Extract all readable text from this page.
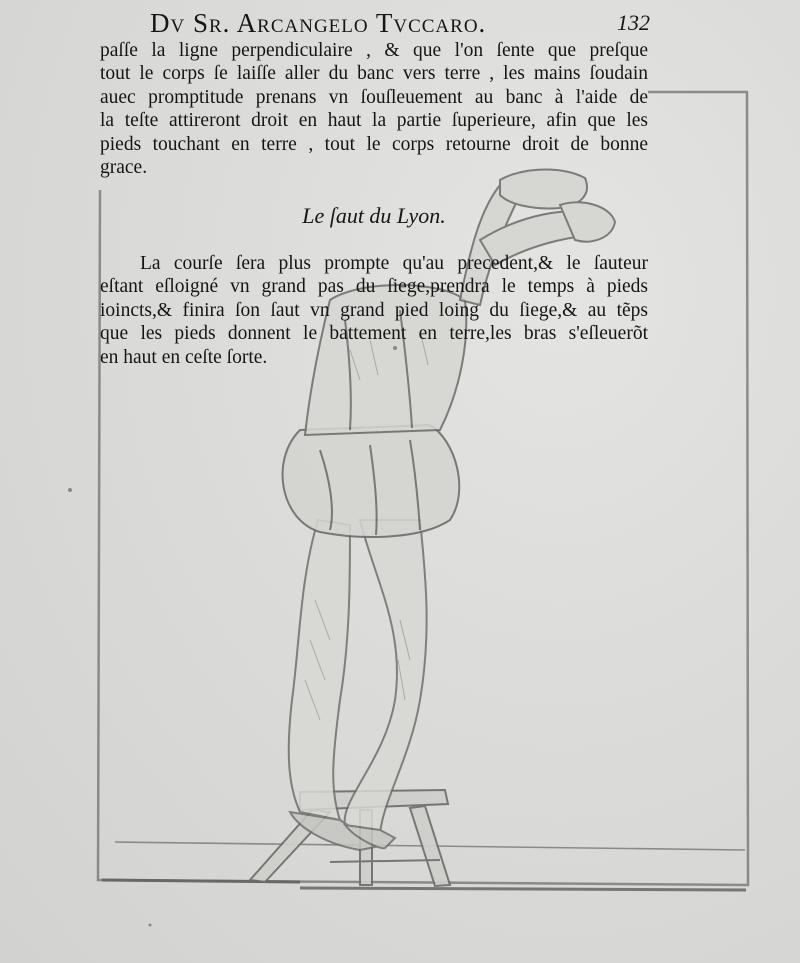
Dv Sr. Arcangelo Tvccaro.	132
paſſe la ligne perpendiculaire , & que l'on ſente que preſque
tout le corps ſe laiſſe aller du banc vers terre , les mains ſoudain
auec promptitude prenans vn ſouſleuement au banc à l'aide de
la teſte attireront droit en haut la partie ſuperieure, afin que les
pieds touchant en terre , tout le corps retourne droit de bonne
grace.
Le ſaut du Lyon.
La courſe ſera plus prompte qu'au precedent,& le ſauteur
eſtant eſloigné vn grand pas du ſiege,prendra le temps à pieds
ioincts,& finira ſon ſaut vn grand pied loing du ſiege,& au tẽps
que les pieds donnent le battement en terre,les bras s'eſleuerõt
en haut en ceſte ſorte.
